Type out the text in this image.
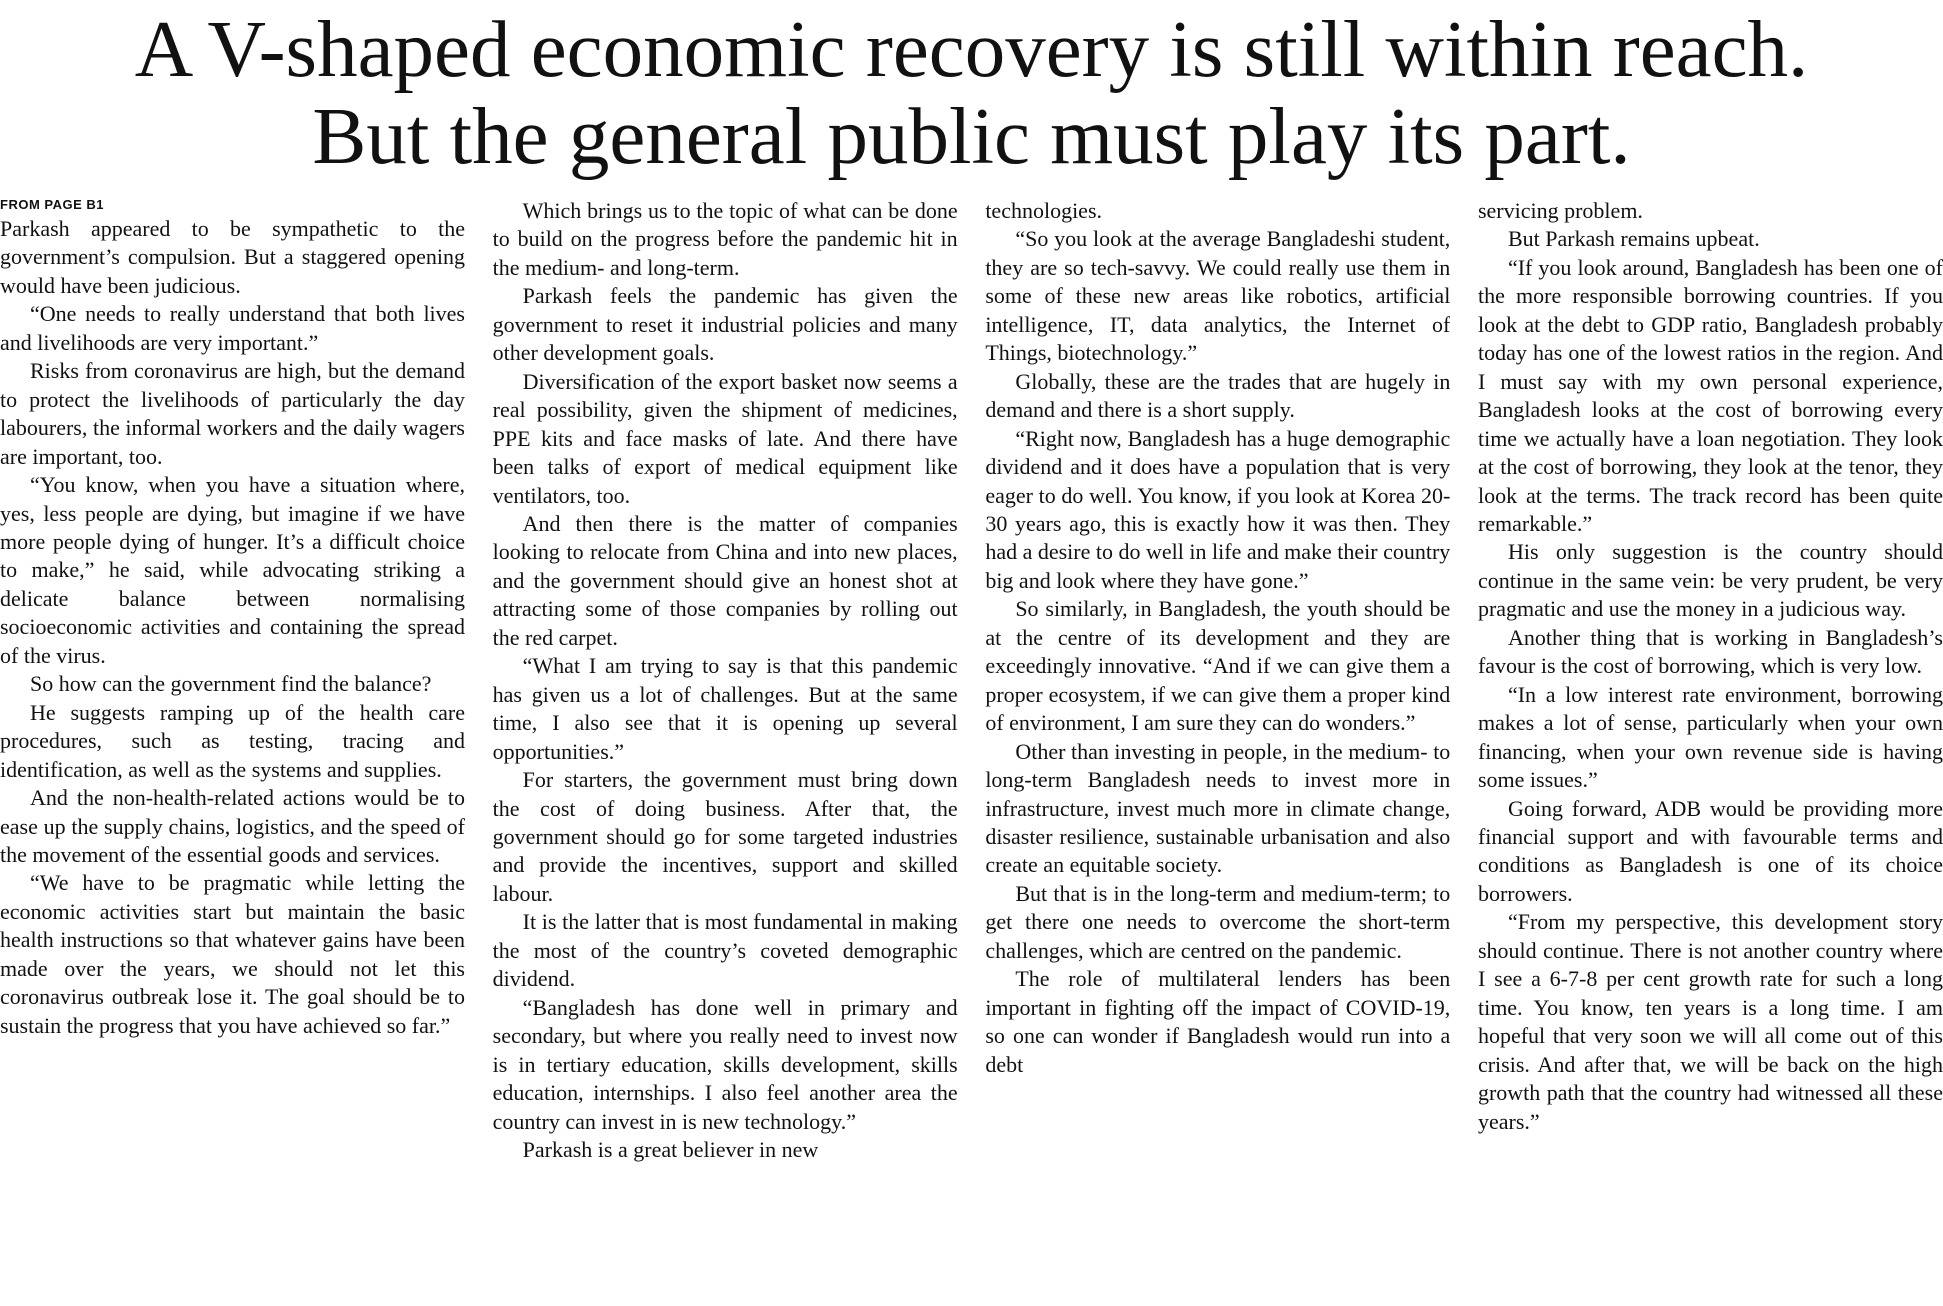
A V-shaped economic recovery is still within reach.
But the general public must play its part.
FROM PAGE B1

Parkash appeared to be sympathetic to the government’s compulsion. But a staggered opening would have been judicious.

“One needs to really understand that both lives and livelihoods are very important.”

Risks from coronavirus are high, but the demand to protect the livelihoods of particularly the day labourers, the informal workers and the daily wagers are important, too.

“You know, when you have a situation where, yes, less people are dying, but imagine if we have more people dying of hunger. It’s a difficult choice to make,” he said, while advocating striking a delicate balance between normalising socioeconomic activities and containing the spread of the virus.

So how can the government find the balance?

He suggests ramping up of the health care procedures, such as testing, tracing and identification, as well as the systems and supplies.

And the non-health-related actions would be to ease up the supply chains, logistics, and the speed of the movement of the essential goods and services.

“We have to be pragmatic while letting the economic activities start but maintain the basic health instructions so that whatever gains have been made over the years, we should not let this coronavirus outbreak lose it. The goal should be to sustain the progress that you have achieved so far.”

Which brings us to the topic of what can be done to build on the progress before the pandemic hit in the medium- and long-term.

Parkash feels the pandemic has given the government to reset it industrial policies and many other development goals.

Diversification of the export basket now seems a real possibility, given the shipment of medicines, PPE kits and face masks of late. And there have been talks of export of medical equipment like ventilators, too.

And then there is the matter of companies looking to relocate from China and into new places, and the government should give an honest shot at attracting some of those companies by rolling out the red carpet.

“What I am trying to say is that this pandemic has given us a lot of challenges. But at the same time, I also see that it is opening up several opportunities.”

For starters, the government must bring down the cost of doing business. After that, the government should go for some targeted industries and provide the incentives, support and skilled labour.

It is the latter that is most fundamental in making the most of the country’s coveted demographic dividend.

“Bangladesh has done well in primary and secondary, but where you really need to invest now is in tertiary education, skills development, skills education, internships. I also feel another area the country can invest in is new technology.”

Parkash is a great believer in new

technologies.

“So you look at the average Bangladeshi student, they are so tech-savvy. We could really use them in some of these new areas like robotics, artificial intelligence, IT, data analytics, the Internet of Things, biotechnology.”

Globally, these are the trades that are hugely in demand and there is a short supply.

“Right now, Bangladesh has a huge demographic dividend and it does have a population that is very eager to do well. You know, if you look at Korea 20-30 years ago, this is exactly how it was then. They had a desire to do well in life and make their country big and look where they have gone.”

So similarly, in Bangladesh, the youth should be at the centre of its development and they are exceedingly innovative. “And if we can give them a proper ecosystem, if we can give them a proper kind of environment, I am sure they can do wonders.”

Other than investing in people, in the medium- to long-term Bangladesh needs to invest more in infrastructure, invest much more in climate change, disaster resilience, sustainable urbanisation and also create an equitable society.

But that is in the long-term and medium-term; to get there one needs to overcome the short-term challenges, which are centred on the pandemic.

The role of multilateral lenders has been important in fighting off the impact of COVID-19, so one can wonder if Bangladesh would run into a debt

servicing problem.

But Parkash remains upbeat.

“If you look around, Bangladesh has been one of the more responsible borrowing countries. If you look at the debt to GDP ratio, Bangladesh probably today has one of the lowest ratios in the region. And I must say with my own personal experience, Bangladesh looks at the cost of borrowing every time we actually have a loan negotiation. They look at the cost of borrowing, they look at the tenor, they look at the terms. The track record has been quite remarkable.”

His only suggestion is the country should continue in the same vein: be very prudent, be very pragmatic and use the money in a judicious way.

Another thing that is working in Bangladesh’s favour is the cost of borrowing, which is very low.

“In a low interest rate environment, borrowing makes a lot of sense, particularly when your own financing, when your own revenue side is having some issues.”

Going forward, ADB would be providing more financial support and with favourable terms and conditions as Bangladesh is one of its choice borrowers.

“From my perspective, this development story should continue. There is not another country where I see a 6-7-8 per cent growth rate for such a long time. You know, ten years is a long time. I am hopeful that very soon we will all come out of this crisis. And after that, we will be back on the high growth path that the country had witnessed all these years.”
